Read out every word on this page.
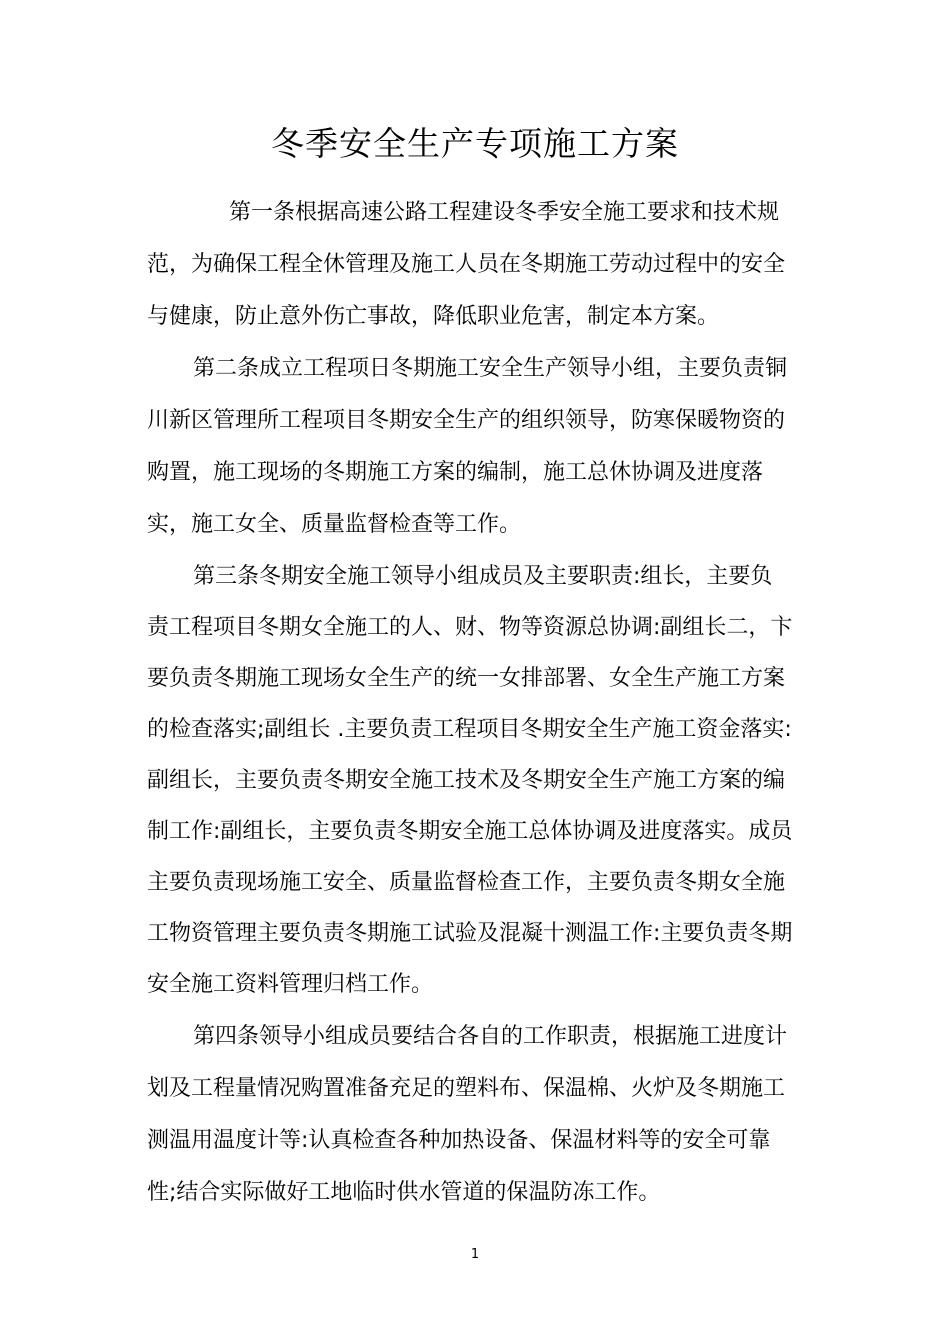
冬季安全生产专项施工方案

第一条根据高速公路工程建设冬季安全施工要求和技术规

范，为确保工程全休管理及施工人员在冬期施工劳动过程中的安全

与健康，防止意外伤亡事故，降低职业危害，制定本方案。

第二条成立工程项日冬期施工安全生产领导小组，主要负责铜

川新区管理所工程项目冬期安全生产的组织领导，防寒保暖物资的

购置，施工现场的冬期施工方案的编制，施工总休协调及进度落

实，施工女全、质量监督检查等工作。

第三条冬期安全施工领导小组成员及主要职责:组长，主要负

责工程项目冬期女全施工的人、财、物等资源总协调:副组长二，卞

要负责冬期施工现场女全生产的统一女排部署、女全生产施工方案

的检查落实;副组长 .主要负责工程项目冬期安全生产施工资金落实:

副组长，主要负责冬期安全施工技术及冬期安全生产施工方案的编

制工作:副组长，主要负责冬期安全施工总体协调及进度落实。成员

主要负责现场施工安全、质量监督检查工作，主要负责冬期女全施

工物资管理主要负责冬期施工试验及混凝十测温工作:主要负责冬期

安全施工资料管理归档工作。

第四条领导小组成员要结合各自的工作职责，根据施工进度计

划及工程量情况购置准备充足的塑料布、保温棉、火炉及冬期施工

测温用温度计等:认真检查各种加热设备、保温材料等的安全可靠

性;结合实际做好工地临时供水管道的保温防冻工作。

1
